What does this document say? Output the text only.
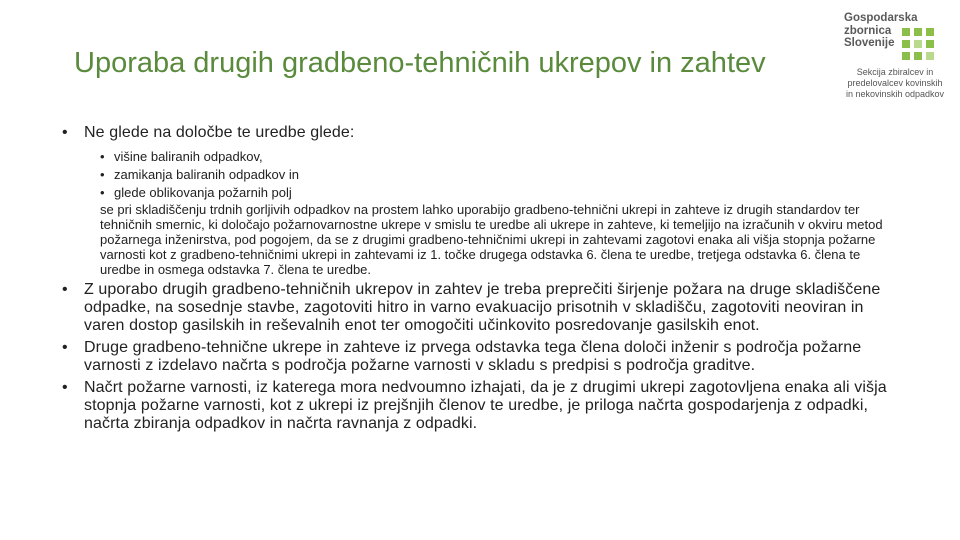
Uporaba drugih gradbeno-tehničnih ukrepov in zahtev
Gospodarska
zbornica
Slovenije
Sekcija zbiralcev in
predelovalcev kovinskih
in nekovinskih odpadkov
• Ne glede na določbe te uredbe glede:
• višine baliranih odpadkov,
• zamikanja baliranih odpadkov in
• glede oblikovanja požarnih polj

se pri skladiščenju trdnih gorljivih odpadkov na prostem lahko uporabijo gradbeno-tehnični ukrepi in zahteve iz drugih standardov ter tehničnih smernic, ki določajo požarnovarnostne ukrepe v smislu te uredbe ali ukrepe in zahteve, ki temeljijo na izračunih v okviru metod požarnega inženirstva, pod pogojem, da se z drugimi gradbeno-tehničnimi ukrepi in zahtevami zagotovi enaka ali višja stopnja požarne varnosti kot z gradbeno-tehničnimi ukrepi in zahtevami iz 1. točke drugega odstavka 6. člena te uredbe, tretjega odstavka 6. člena te uredbe in osmega odstavka 7. člena te uredbe.

• Z uporabo drugih gradbeno-tehničnih ukrepov in zahtev je treba preprečiti širjenje požara na druge skladiščene odpadke, na sosednje stavbe, zagotoviti hitro in varno evakuacijo prisotnih v skladišču, zagotoviti neoviran in varen dostop gasilskih in reševalnih enot ter omogočiti učinkovito posredovanje gasilskih enot.
• Druge gradbeno-tehnične ukrepe in zahteve iz prvega odstavka tega člena določi inženir s področja požarne varnosti z izdelavo načrta s področja požarne varnosti v skladu s predpisi s področja graditve.
• Načrt požarne varnosti, iz katerega mora nedvoumno izhajati, da je z drugimi ukrepi zagotovljena enaka ali višja stopnja požarne varnosti, kot z ukrepi iz prejšnjih členov te uredbe, je priloga načrta gospodarjenja z odpadki, načrta zbiranja odpadkov in načrta ravnanja z odpadki.
